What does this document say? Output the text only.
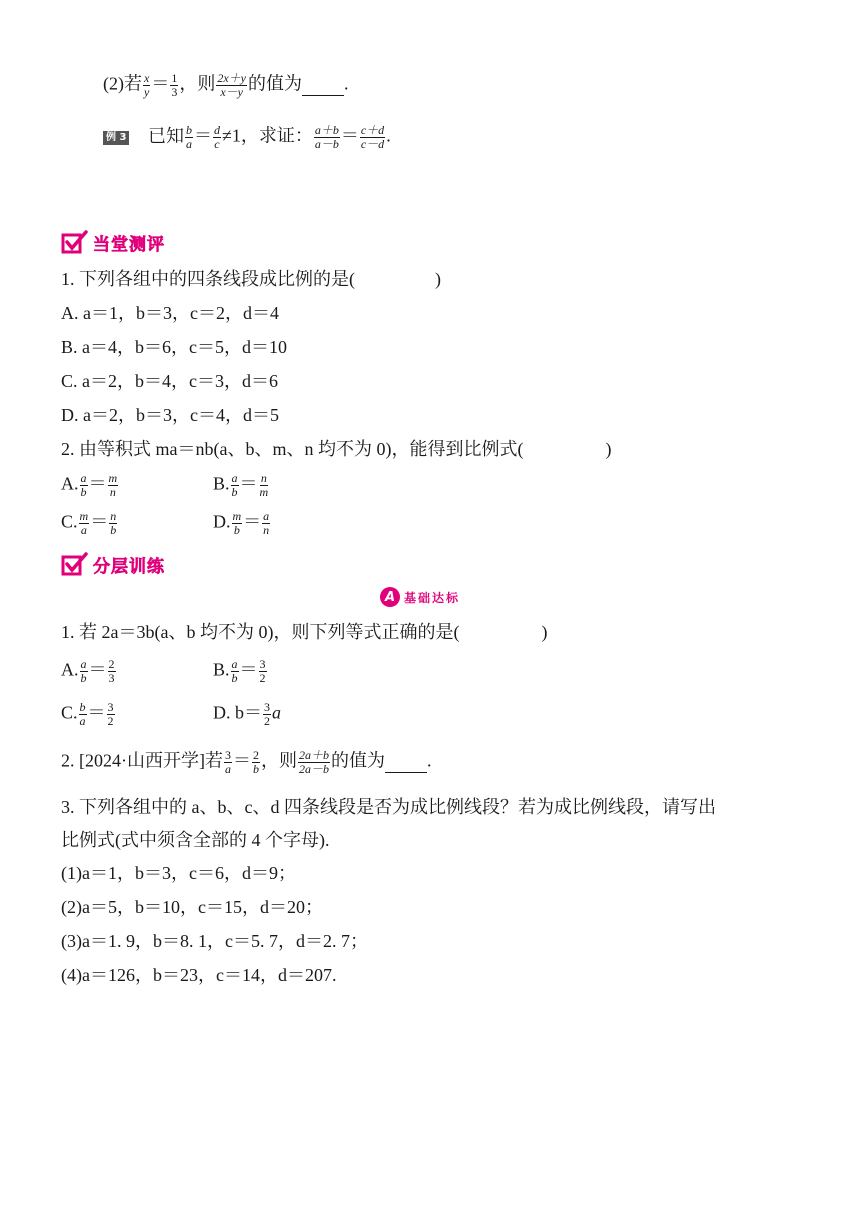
(2)若 $\frac{x}{y} = \frac{1}{3}$ ，则 $\frac{2x+y}{x-y}$ 的值为 .
例 3 已知 $\frac{b}{a} = \frac{d}{c} \ne 1$，求证： $\frac{a+b}{a-b} = \frac{c+d}{c-d}$ .
当堂测评
1. 下列各组中的四条线段成比例的是(	)
A. a＝1，b＝3，c＝2，d＝4
B. a＝4，b＝6，c＝5，d＝10
C. a＝2，b＝4，c＝3，d＝6
D. a＝2，b＝3，c＝4，d＝5
2. 由等积式 ma＝nb(a、b、m、n 均不为 0)，能得到比例式(	)
A. $\frac{a}{b} = \frac{m}{n}$	B. $\frac{a}{b} = \frac{n}{m}$
C. $\frac{m}{a} = \frac{n}{b}$	D. $\frac{m}{b} = \frac{a}{n}$
分层训练
A 基础达标
1. 若 2a＝3b(a、b 均不为 0)，则下列等式正确的是(	)
A. $\frac{a}{b} = \frac{2}{3}$	B. $\frac{a}{b} = \frac{3}{2}$
C. $\frac{b}{a} = \frac{3}{2}$	D. $b= \frac{3}{2}$ a
2. [2024·山西开学]若 $\frac{3}{a} = \frac{2}{b}$ ，则 $\frac{2a+b}{2a-b}$ 的值为 .
3. 下列各组中的 a、b、c、d 四条线段是否为成比例线段？若为成比例线段，请写出
比例式(式中须含全部的 4 个字母).
(1)a＝1，b＝3，c＝6，d＝9；
(2)a＝5，b＝10，c＝15，d＝20；
(3)a＝1. 9，b＝8. 1，c＝5. 7，d＝2. 7；
(4)a＝126，b＝23，c＝14，d＝207.
